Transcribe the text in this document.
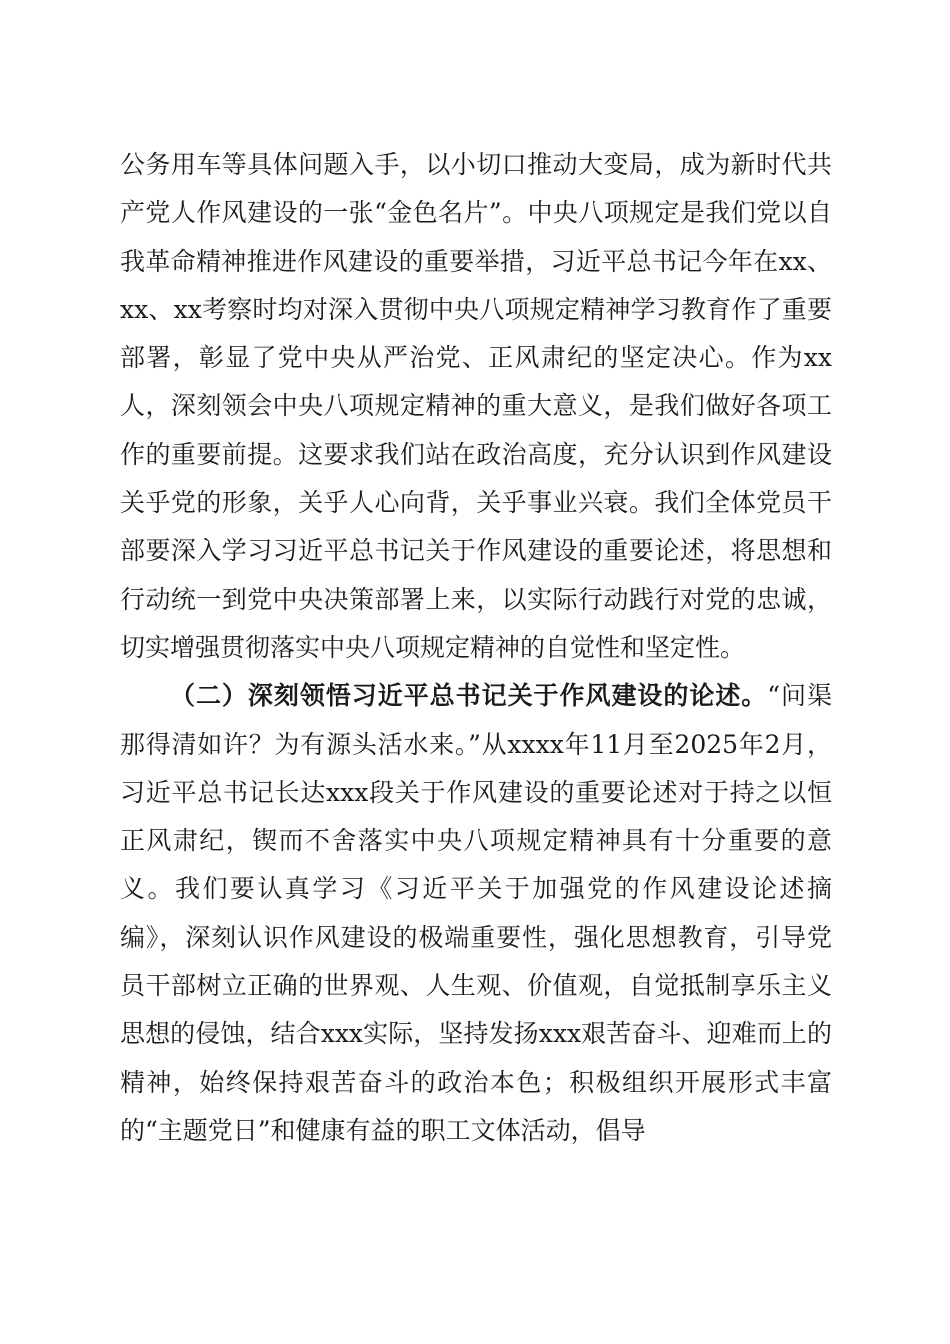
公务用车等具体问题入手，以小切口推动大变局，成为新时代共产党人作风建设的一张“金色名片”。中央八项规定是我们党以自我革命精神推进作风建设的重要举措，习近平总书记今年在xx、xx、xx考察时均对深入贯彻中央八项规定精神学习教育作了重要部署，彰显了党中央从严治党、正风肃纪的坚定决心。作为xx人，深刻领会中央八项规定精神的重大意义，是我们做好各项工作的重要前提。这要求我们站在政治高度，充分认识到作风建设关乎党的形象，关乎人心向背，关乎事业兴衰。我们全体党员干部要深入学习习近平总书记关于作风建设的重要论述，将思想和行动统一到党中央决策部署上来，以实际行动践行对党的忠诚，切实增强贯彻落实中央八项规定精神的自觉性和坚定性。

（二）深刻领悟习近平总书记关于作风建设的论述。“问渠那得清如许？为有源头活水来。”从xxxx年11月至2025年2月，习近平总书记长达xxx段关于作风建设的重要论述对于持之以恒正风肃纪，锲而不舍落实中央八项规定精神具有十分重要的意义。我们要认真学习《习近平关于加强党的作风建设论述摘编》，深刻认识作风建设的极端重要性，强化思想教育，引导党员干部树立正确的世界观、人生观、价值观，自觉抵制享乐主义思想的侵蚀，结合xxx实际，坚持发扬xxx艰苦奋斗、迎难而上的精神，始终保持艰苦奋斗的政治本色；积极组织开展形式丰富的“主题党日”和健康有益的职工文体活动，倡导
